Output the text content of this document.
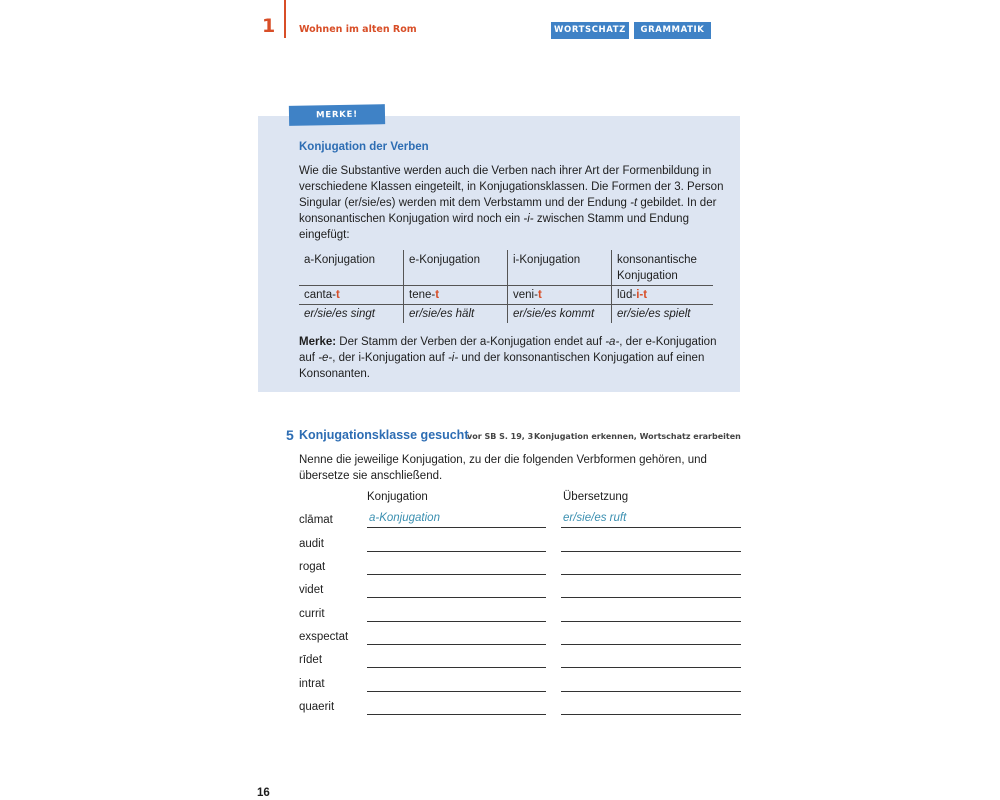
1	Wohnen im alten Rom	WORTSCHATZ	GRAMMATIK
MERKE!
Konjugation der Verben
Wie die Substantive werden auch die Verben nach ihrer Art der Formenbildung in verschiedene Klassen eingeteilt, in Konjugationsklassen. Die Formen der 3. Person Singular (er/sie/es) werden mit dem Verbstamm und der Endung -t gebildet. In der konsonantischen Konjugation wird noch ein -i- zwischen Stamm und Endung eingefügt:
a-Konjugation	e-Konjugation	i-Konjugation	konsonantische Konjugation
canta-t	tene-t	veni-t	lūd-i-t
er/sie/es singt	er/sie/es hält	er/sie/es kommt	er/sie/es spielt
Merke: Der Stamm der Verben der a-Konjugation endet auf -a-, der e-Konjugation auf -e-, der i-Konjugation auf -i- und der konsonantischen Konjugation auf einen Konsonanten.
5 Konjugationsklasse gesucht
vor SB S. 19, 3 Konjugation erkennen, Wortschatz erarbeiten
Nenne die jeweilige Konjugation, zu der die folgenden Verbformen gehören, und übersetze sie anschließend.
Konjugation	Übersetzung
clāmat	a-Konjugation	er/sie/es ruft
audit
rogat
videt
currit
exspectat
rīdet
intrat
quaerit
16
